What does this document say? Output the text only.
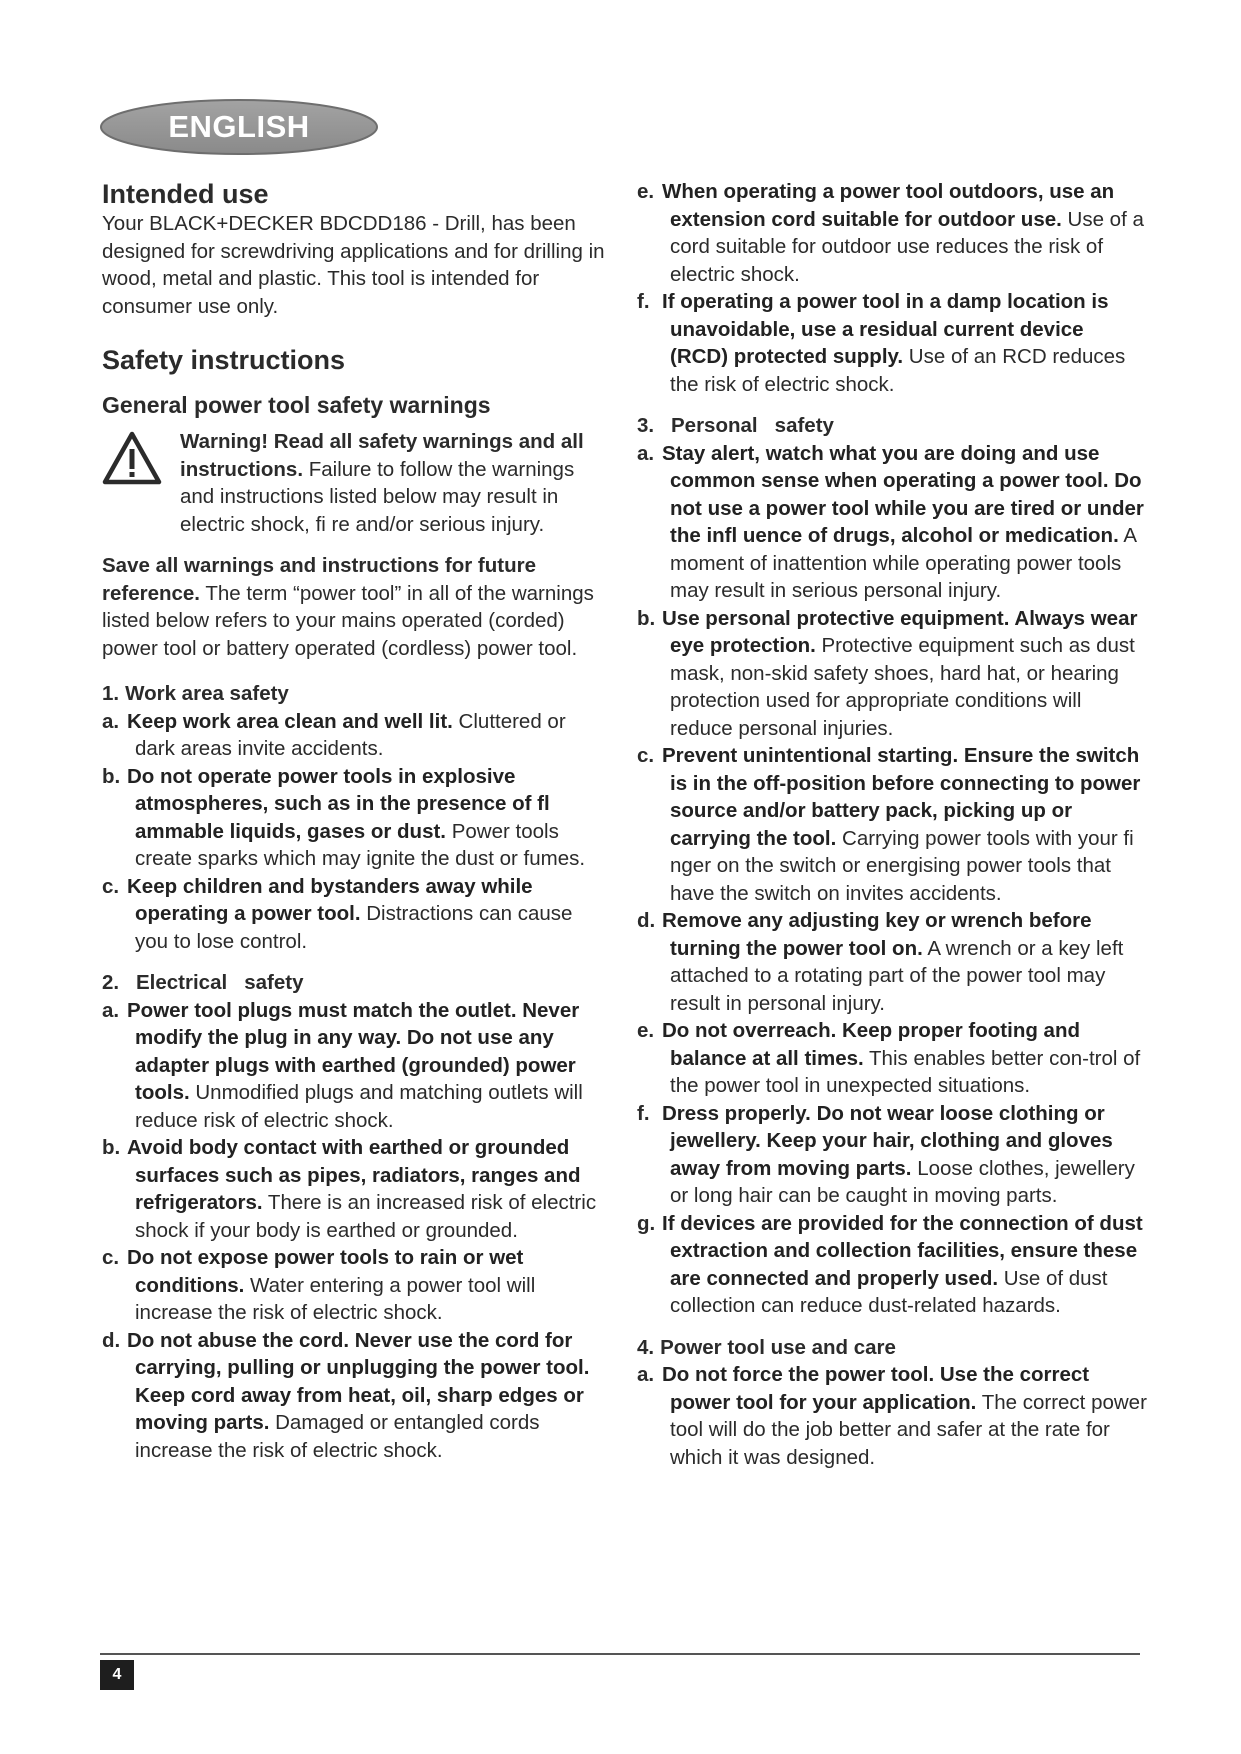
ENGLISH
Intended use

Your BLACK+DECKER BDCDD186 - Drill, has been designed for screwdriving applications and for drilling in wood, metal and plastic. This tool is intended for consumer use only.

Safety instructions
General power tool safety warnings

Warning! Read all safety warnings and all instructions. Failure to follow the warnings and instructions listed below may result in electric shock, fi re and/or serious injury.

Save all warnings and instructions for future reference. The term “power tool” in all of the warnings listed below refers to your mains operated (corded) power tool or battery operated (cordless) power tool.

1. Work area safety

a. Keep work area clean and well lit. Cluttered or dark areas invite accidents.

b. Do not operate power tools in explosive atmospheres, such as in the presence of fl ammable liquids, gases or dust. Power tools create sparks which may ignite the dust or fumes.

c. Keep children and bystanders away while operating a power tool. Distractions can cause you to lose control.

2. Electrical   safety

a. Power tool plugs must match the outlet. Never modify the plug in any way. Do not use any adapter plugs with earthed (grounded) power tools. Unmodified plugs and matching outlets will reduce risk of electric shock.

b. Avoid body contact with earthed or grounded surfaces such as pipes, radiators, ranges and refrigerators. There is an increased risk of electric shock if your body is earthed or grounded.

c. Do not expose power tools to rain or wet conditions. Water entering a power tool will increase the risk of electric shock.

d. Do not abuse the cord. Never use the cord for carrying, pulling or unplugging the power tool. Keep cord away from heat, oil, sharp edges or moving parts. Damaged or entangled cords increase the risk of electric shock.

e. When operating a power tool outdoors, use an extension cord suitable for outdoor use. Use of a cord suitable for outdoor use reduces the risk of electric shock.

f. If operating a power tool in a damp location is unavoidable, use a residual current device (RCD) protected supply. Use of an RCD reduces the risk of electric shock.

3. Personal   safety

a. Stay alert, watch what you are doing and use common sense when operating a power tool. Do not use a power tool while you are tired or under the infl uence of drugs, alcohol or medication. A moment of inattention while operating power tools may result in serious personal injury.

b. Use personal protective equipment. Always wear eye protection. Protective equipment such as dust mask, non-skid safety shoes, hard hat, or hearing protection used for appropriate conditions will reduce personal injuries.

c. Prevent unintentional starting. Ensure the switch is in the off-position before connecting to power source and/or battery pack, picking up or carrying the tool. Carrying power tools with your fi nger on the switch or energising power tools that have the switch on invites accidents.

d. Remove any adjusting key or wrench before turning the power tool on. A wrench or a key left attached to a rotating part of the power tool may result in personal injury.

e. Do not overreach. Keep proper footing and balance at all times. This enables better con-trol of the power tool in unexpected situations.

f. Dress properly. Do not wear loose clothing or jewellery. Keep your hair, clothing and gloves away from moving parts. Loose clothes, jewellery or long hair can be caught in moving parts.

g. If devices are provided for the connection of dust extraction and collection facilities, ensure these are connected and properly used. Use of dust collection can reduce dust-related hazards.

4. Power tool use and care

a. Do not force the power tool. Use the correct power tool for your application. The correct power tool will do the job better and safer at the rate for which it was designed.

4
